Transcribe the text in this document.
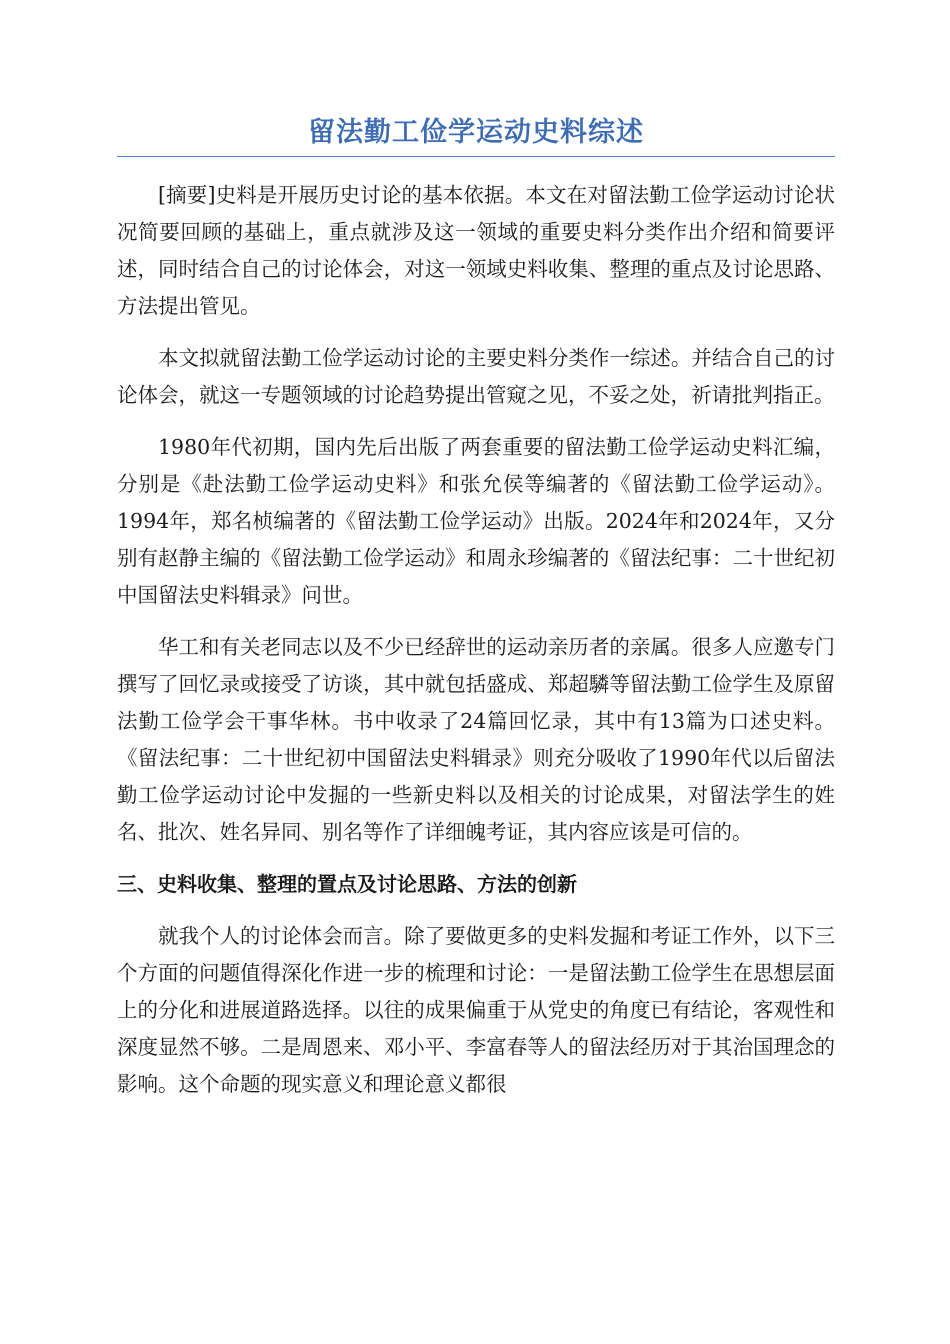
留法勤工俭学运动史料综述

[摘要]史料是开展历史讨论的基本依据。本文在对留法勤工俭学运动讨论状况简要回顾的基础上，重点就涉及这一领域的重要史料分类作出介绍和简要评述，同时结合自己的讨论体会，对这一领域史料收集、整理的重点及讨论思路、方法提出管见。

本文拟就留法勤工俭学运动讨论的主要史料分类作一综述。并结合自己的讨论体会，就这一专题领域的讨论趋势提出管窥之见，不妥之处，祈请批判指正。

1980年代初期，国内先后出版了两套重要的留法勤工俭学运动史料汇编，分别是《赴法勤工俭学运动史料》和张允侯等编著的《留法勤工俭学运动》。1994年，郑名桢编著的《留法勤工俭学运动》出版。2024年和2024年，又分别有赵静主编的《留法勤工俭学运动》和周永珍编著的《留法纪事：二十世纪初中国留法史料辑录》问世。

华工和有关老同志以及不少已经辞世的运动亲历者的亲属。很多人应邀专门撰写了回忆录或接受了访谈，其中就包括盛成、郑超驎等留法勤工俭学生及原留法勤工俭学会干事华林。书中收录了24篇回忆录，其中有13篇为口述史料。《留法纪事：二十世纪初中国留法史料辑录》则充分吸收了1990年代以后留法勤工俭学运动讨论中发掘的一些新史料以及相关的讨论成果，对留法学生的姓名、批次、姓名异同、别名等作了详细魄考证，其内容应该是可信的。

三、史料收集、整理的置点及讨论思路、方法的创新

就我个人的讨论体会而言。除了要做更多的史料发掘和考证工作外，以下三个方面的问题值得深化作进一步的梳理和讨论：一是留法勤工俭学生在思想层面上的分化和进展道路选择。以往的成果偏重于从党史的角度已有结论，客观性和深度显然不够。二是周恩来、邓小平、李富春等人的留法经历对于其治国理念的影响。这个命题的现实意义和理论意义都很
